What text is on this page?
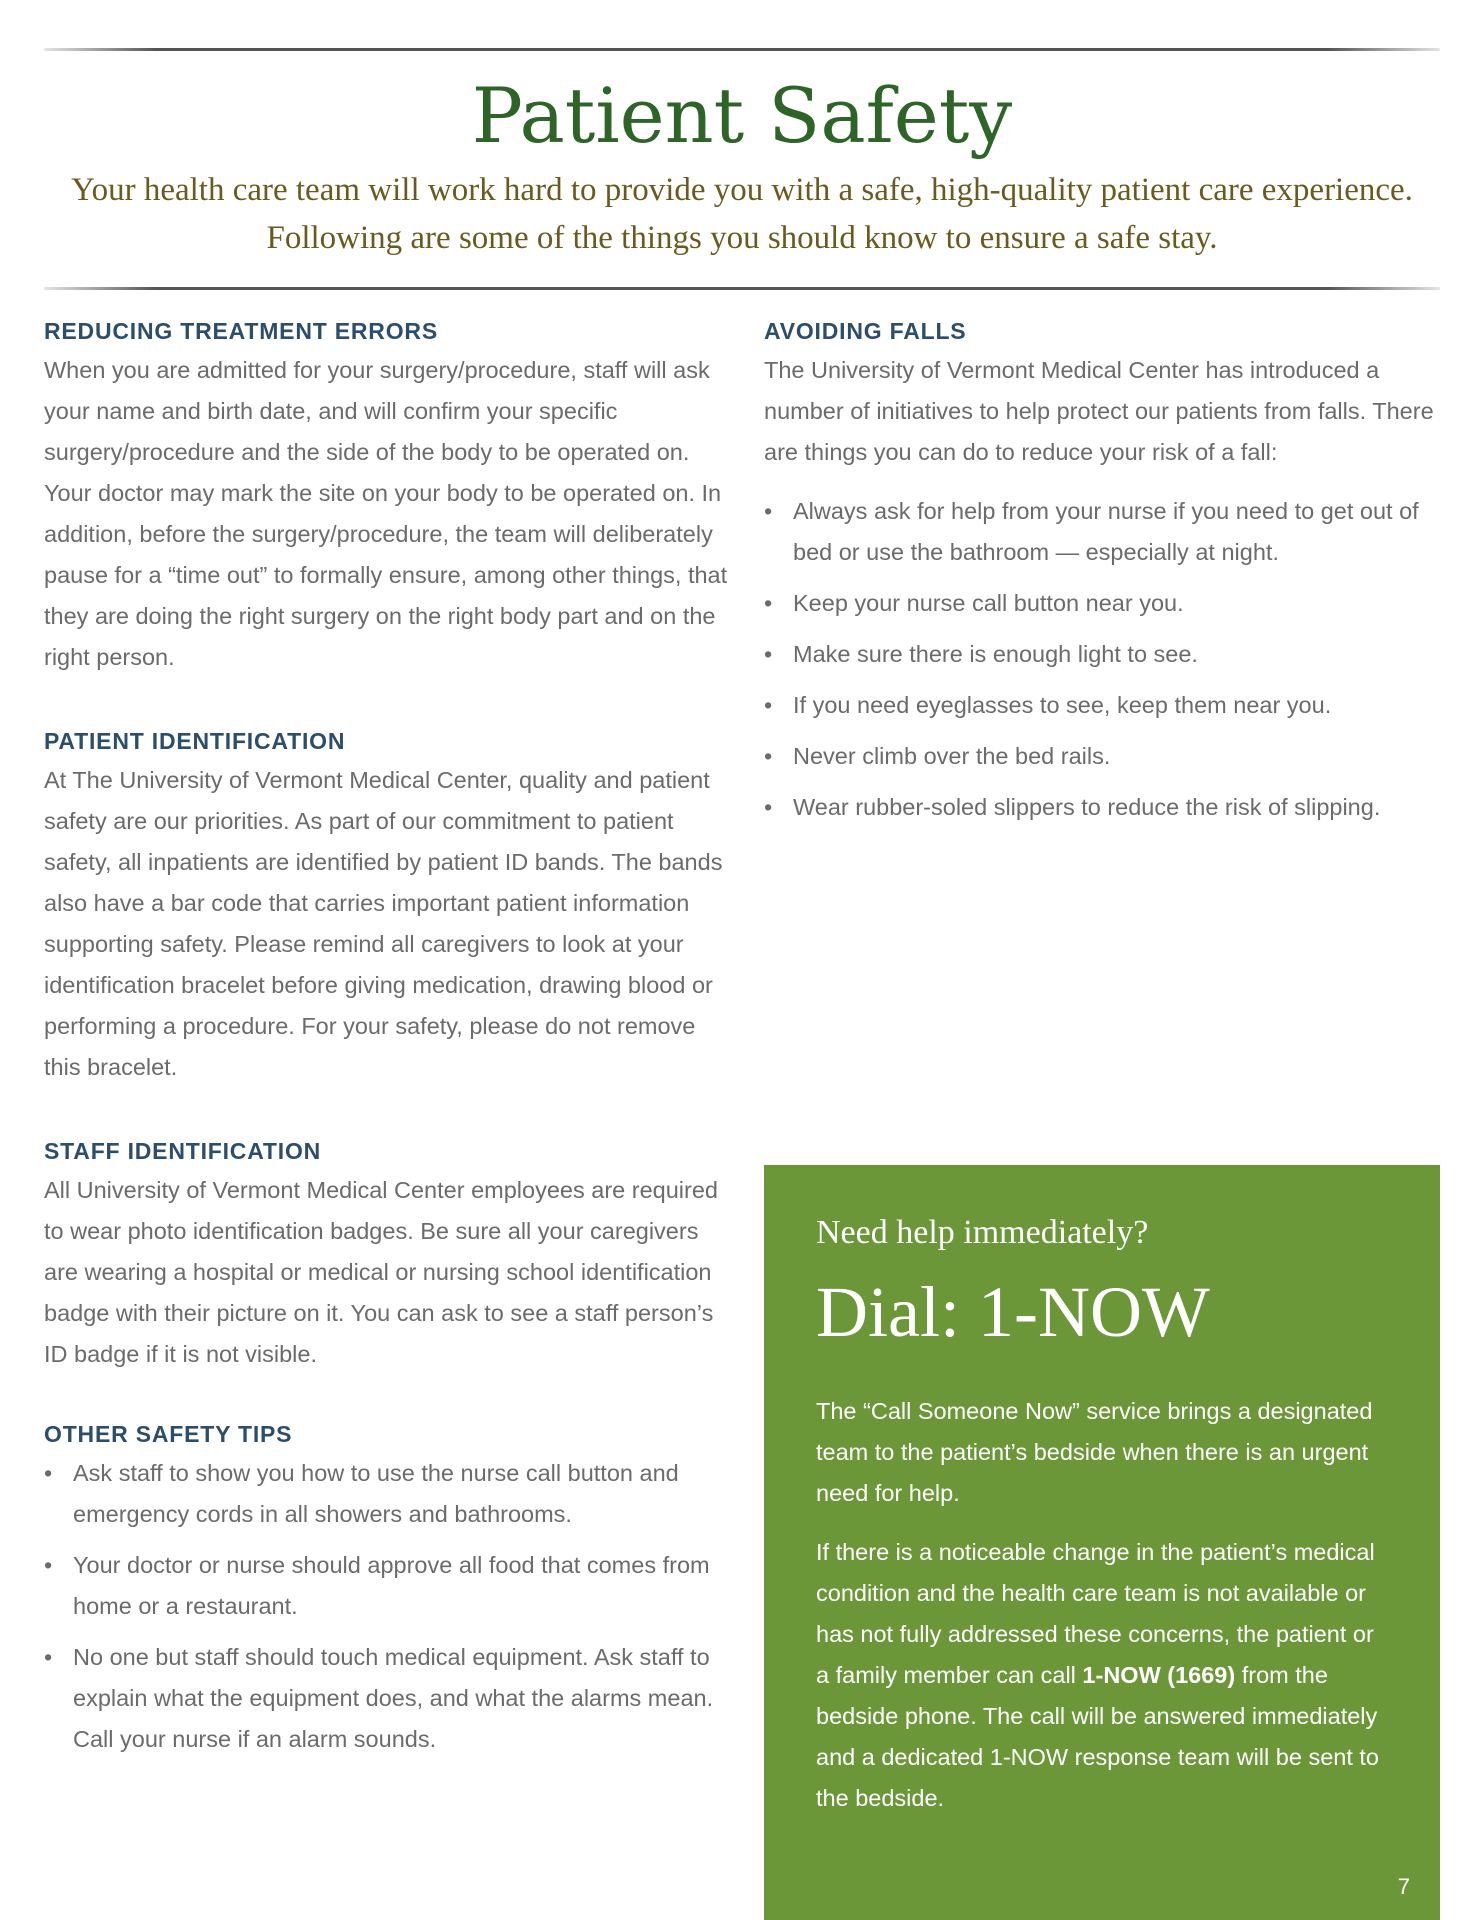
Patient Safety
Your health care team will work hard to provide you with a safe, high-quality patient care experience.
Following are some of the things you should know to ensure a safe stay.
REDUCING TREATMENT ERRORS

When you are admitted for your surgery/procedure, staff will ask your name and birth date, and will confirm your specific surgery/procedure and the side of the body to be operated on. Your doctor may mark the site on your body to be operated on. In addition, before the surgery/procedure, the team will deliberately pause for a “time out” to formally ensure, among other things, that they are doing the right surgery on the right body part and on the right person.

PATIENT IDENTIFICATION

At The University of Vermont Medical Center, quality and patient safety are our priorities. As part of our commitment to patient safety, all inpatients are identified by patient ID bands. The bands also have a bar code that carries important patient information supporting safety. Please remind all caregivers to look at your identification bracelet before giving medication, drawing blood or performing a procedure. For your safety, please do not remove this bracelet.

STAFF IDENTIFICATION

All University of Vermont Medical Center employees are required to wear photo identification badges. Be sure all your caregivers are wearing a hospital or medical or nursing school identification badge with their picture on it. You can ask to see a staff person’s ID badge if it is not visible.

OTHER SAFETY TIPS
• Ask staff to show you how to use the nurse call button and emergency cords in all showers and bathrooms.
• Your doctor or nurse should approve all food that comes from home or a restaurant.
• No one but staff should touch medical equipment. Ask staff to explain what the equipment does, and what the alarms mean. Call your nurse if an alarm sounds.
AVOIDING FALLS

The University of Vermont Medical Center has introduced a number of initiatives to help protect our patients from falls. There are things you can do to reduce your risk of a fall:

• Always ask for help from your nurse if you need to get out of bed or use the bathroom — especially at night.
• Keep your nurse call button near you.
• Make sure there is enough light to see.
• If you need eyeglasses to see, keep them near you.
• Never climb over the bed rails.
• Wear rubber-soled slippers to reduce the risk of slipping.

Need help immediately?

Dial: 1-NOW

The “Call Someone Now” service brings a designated team to the patient’s bedside when there is an urgent need for help.

If there is a noticeable change in the patient’s medical condition and the health care team is not available or has not fully addressed these concerns, the patient or a family member can call 1-NOW (1669) from the bedside phone. The call will be answered immediately and a dedicated 1-NOW response team will be sent to the bedside.

7
